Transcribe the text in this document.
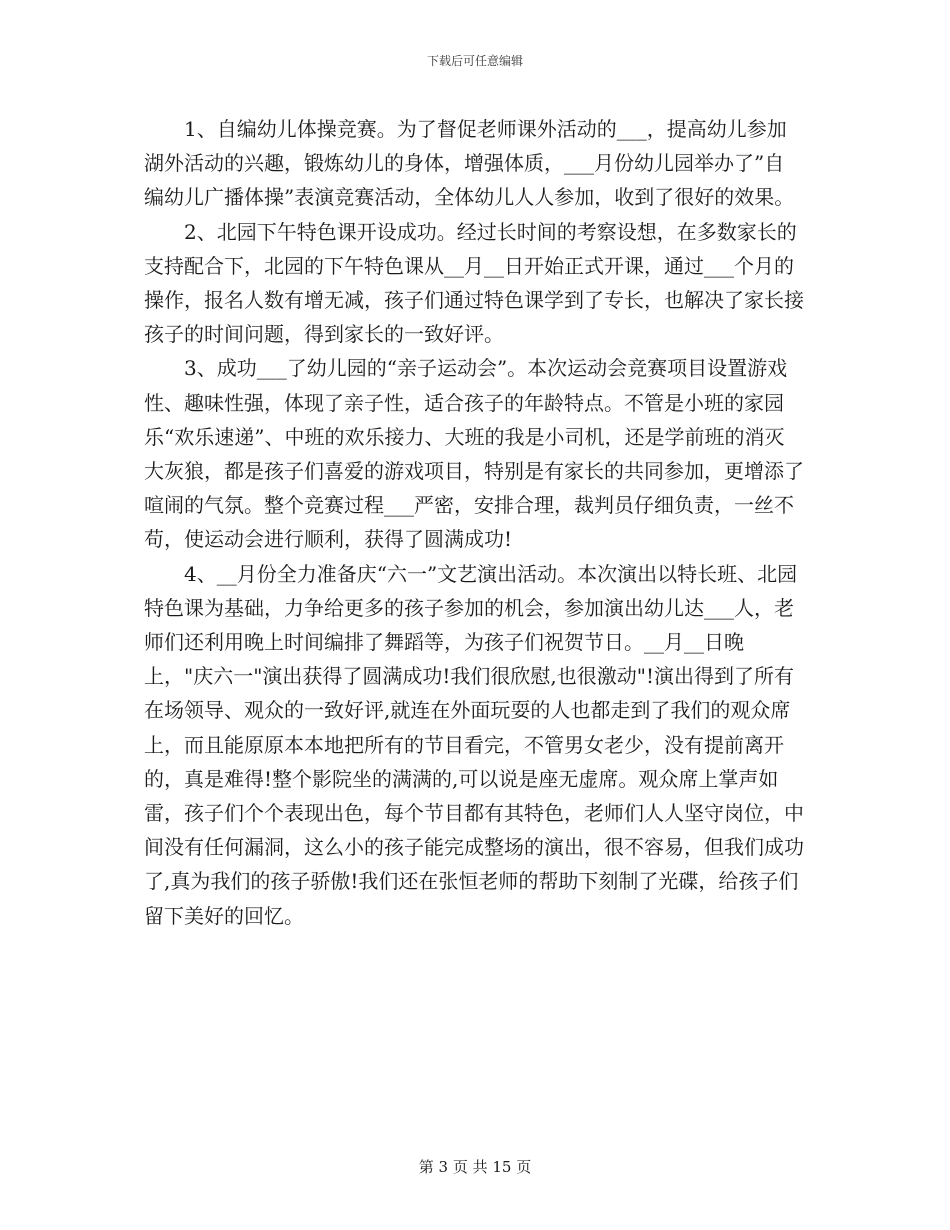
下载后可任意编辑

1、自编幼儿体操竞赛。为了督促老师课外活动的___，提高幼儿参加湖外活动的兴趣，锻炼幼儿的身体，增强体质，___月份幼儿园举办了”自编幼儿广播体操”表演竞赛活动，全体幼儿人人参加，收到了很好的效果。

2、北园下午特色课开设成功。经过长时间的考察设想，在多数家长的支持配合下，北园的下午特色课从__月__日开始正式开课，通过___个月的操作，报名人数有增无减，孩子们通过特色课学到了专长，也解决了家长接孩子的时间问题，得到家长的一致好评。

3、成功___了幼儿园的“亲子运动会”。本次运动会竞赛项目设置游戏性、趣味性强，体现了亲子性，适合孩子的年龄特点。不管是小班的家园乐“欢乐速递”、中班的欢乐接力、大班的我是小司机，还是学前班的消灭大灰狼，都是孩子们喜爱的游戏项目，特别是有家长的共同参加，更增添了喧闹的气氛。整个竞赛过程___严密，安排合理，裁判员仔细负责，一丝不苟，使运动会进行顺利，获得了圆满成功!

4、__月份全力准备庆“六一”文艺演出活动。本次演出以特长班、北园特色课为基础，力争给更多的孩子参加的机会，参加演出幼儿达___人，老师们还利用晚上时间编排了舞蹈等，为孩子们祝贺节日。__月__日晚上，"庆六一"演出获得了圆满成功!我们很欣慰,也很激动"!演出得到了所有在场领导、观众的一致好评,就连在外面玩耍的人也都走到了我们的观众席上，而且能原原本本地把所有的节目看完，不管男女老少，没有提前离开的，真是难得!整个影院坐的满满的,可以说是座无虚席。观众席上掌声如雷，孩子们个个表现出色，每个节目都有其特色，老师们人人坚守岗位，中间没有任何漏洞，这么小的孩子能完成整场的演出，很不容易，但我们成功了,真为我们的孩子骄傲!我们还在张恒老师的帮助下刻制了光碟，给孩子们留下美好的回忆。

第 3 页 共 15 页
